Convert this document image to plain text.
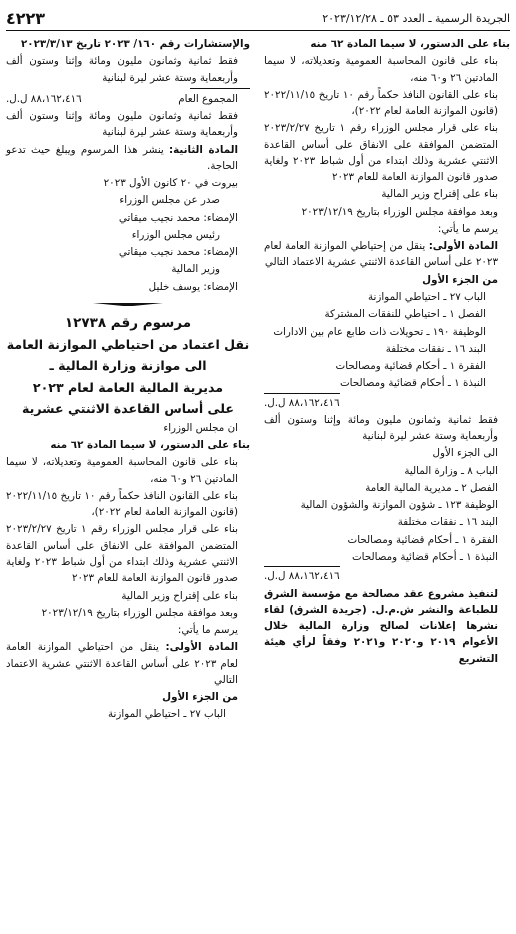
الجريدة الرسمية ـ العدد ٥٣ ـ ٢٠٢٣/١٢/٢٨
٤٢٢٣

بناء على الدستور، لا سيما المادة ٦٢ منه

بناء على قانون المحاسبة العمومية وتعديلاته، لا سيما المادتين ٢٦ و٦٠ منه،

بناء على القانون النافذ حكماً رقم ١٠ تاريخ ٢٠٢٢/١١/١٥ (قانون الموازنة العامة لعام ٢٠٢٢)،

بناء على قرار مجلس الوزراء رقم ١ تاريخ ٢٠٢٣/٢/٢٧ المتضمن الموافقة على الانفاق على أساس القاعدة الاثنتي عشرية وذلك ابتداء من أول شباط ٢٠٢٣ ولغاية صدور قانون الموازنة العامة للعام ٢٠٢٣

بناء على إقتراح وزير المالية

وبعد موافقة مجلس الوزراء بتاريخ ٢٠٢٣/١٢/١٩

يرسم ما يأتي:

المادة الأولى: ينقل من إحتياطي الموازنة العامة لعام ٢٠٢٣ على أساس القاعدة الاثنتي عشرية الاعتماد التالي

من الجزء الأول

الباب ٢٧ ـ احتياطي الموازنة

الفصل ١ ـ احتياطي للنفقات المشتركة

الوظيفة ١٩٠ ـ تحويلات ذات طابع عام بين الادارات

البند ١٦ ـ نفقات مختلفة

الفقرة ١ ـ أحكام قضائية ومصالحات

النبذة ١ ـ أحكام قضائية ومصالحات

٨٨،١٦٢،٤١٦ ل.ل.

فقط ثمانية وثمانون مليون ومائة وإثنا وستون ألف وأربعماية وستة عشر ليرة لبنانية

الى الجزء الأول

الباب ٨ ـ وزارة المالية

الفصل ٢ ـ مديرية المالية العامة

الوظيفة ١٢٣ ـ شؤون الموازنة والشؤون المالية

البند ١٦ ـ نفقات مختلفة

الفقرة ١ ـ أحكام قضائية ومصالحات

النبذة ١ ـ أحكام قضائية ومصالحات

٨٨،١٦٢،٤١٦ ل.ل.

لتنفيذ مشروع عقد مصالحة مع مؤسسة الشرق للطباعة والنشر ش.م.ل. (جريدة الشرق) لقاء نشرها إعلانات لصالح وزارة المالية خلال الأعوام ٢٠١٩ و٢٠٢٠ و٢٠٢١ وفقاً لرأي هيئة التشريع

والإستشارات رقم ١٦٠/ ٢٠٢٣ تاريخ ٢٠٢٣/٣/١٣

فقط ثمانية وثمانون مليون ومائة وإثنا وستون ألف وأربعماية وستة عشر ليرة لبنانية

المجموع العام
٨٨،١٦٢،٤١٦ ل.ل.

فقط ثمانية وثمانون مليون ومائة وإثنا وستون ألف وأربعماية وستة عشر ليرة لبنانية

المادة الثانية: ينشر هذا المرسوم ويبلغ حيث تدعو الحاجة.

بيروت في ٢٠ كانون الأول ٢٠٢٣

صدر عن مجلس الوزراء

الإمضاء: محمد نجيب ميقاتي

رئيس مجلس الوزراء

الإمضاء: محمد نجيب ميقاتي

وزير المالية

الإمضاء: يوسف خليل

مرسوم رقم ١٢٧٣٨

نقل اعتماد من احتياطي الموازنة العامة

الى موازنة وزارة المالية ـ

مديرية المالية العامة لعام ٢٠٢٣

على أساس القاعدة الاثنتي عشرية

ان مجلس الوزراء

بناء على الدستور، لا سيما المادة ٦٢ منه

بناء على قانون المحاسبة العمومية وتعديلاته، لا سيما المادتين ٢٦ و٦٠ منه،

بناء على القانون النافذ حكماً رقم ١٠ تاريخ ٢٠٢٢/١١/١٥ (قانون الموازنة العامة لعام ٢٠٢٢)،

بناء على قرار مجلس الوزراء رقم ١ تاريخ ٢٠٢٣/٢/٢٧ المتضمن الموافقة على الانفاق على أساس القاعدة الاثنتي عشرية وذلك ابتداء من أول شباط ٢٠٢٣ ولغاية صدور قانون الموازنة العامة للعام ٢٠٢٣

بناء على إقتراح وزير المالية

وبعد موافقة مجلس الوزراء بتاريخ ٢٠٢٣/١٢/١٩

يرسم ما يأتي:

المادة الأولى: ينقل من احتياطي الموازنة العامة لعام ٢٠٢٣ على أساس القاعدة الاثنتي عشرية الاعتماد التالي

من الجزء الأول

الباب ٢٧ ـ احتياطي الموازنة
